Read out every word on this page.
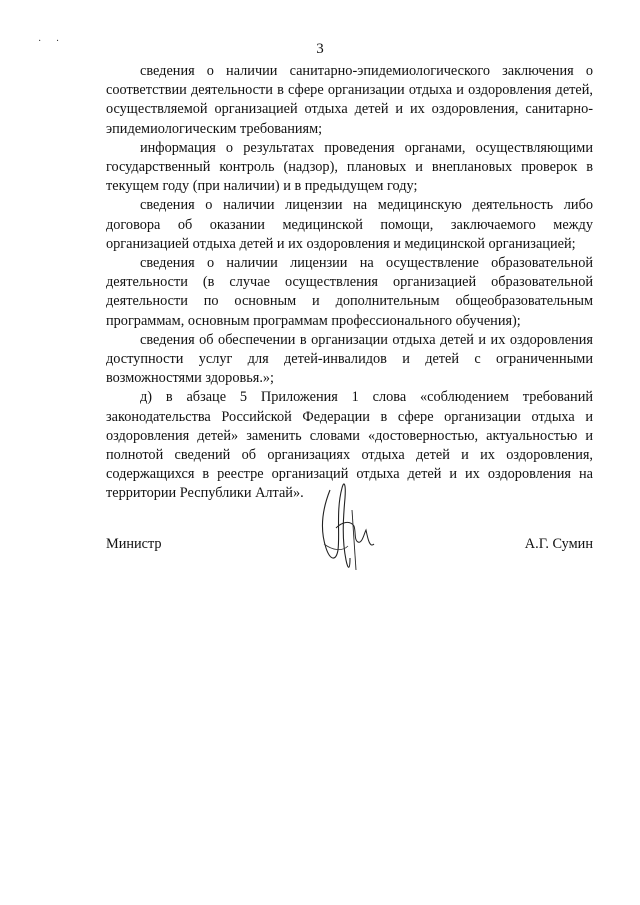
· ·	3

сведения о наличии санитарно-эпидемиологического заключения о соответствии деятельности в сфере организации отдыха и оздоровления детей, осуществляемой организацией отдыха детей и их оздоровления, санитарно-эпидемиологическим требованиям;

информация о результатах проведения органами, осуществляющими государственный контроль (надзор), плановых и внеплановых проверок в текущем году (при наличии) и в предыдущем году;

сведения о наличии лицензии на медицинскую деятельность либо договора об оказании медицинской помощи, заключаемого между организацией отдыха детей и их оздоровления и медицинской организацией;

сведения о наличии лицензии на осуществление образовательной деятельности (в случае осуществления организацией образовательной деятельности по основным и дополнительным общеобразовательным программам, основным программам профессионального обучения);

сведения об обеспечении в организации отдыха детей и их оздоровления доступности услуг для детей-инвалидов и детей с ограниченными возможностями здоровья.»;

д) в абзаце 5 Приложения 1 слова «соблюдением требований законодательства Российской Федерации в сфере организации отдыха и оздоровления детей» заменить словами «достоверностью, актуальностью и полнотой сведений об организациях отдыха детей и их оздоровления, содержащихся в реестре организаций отдыха детей и их оздоровления на территории Республики Алтай».

Министр	А.Г. Сумин
